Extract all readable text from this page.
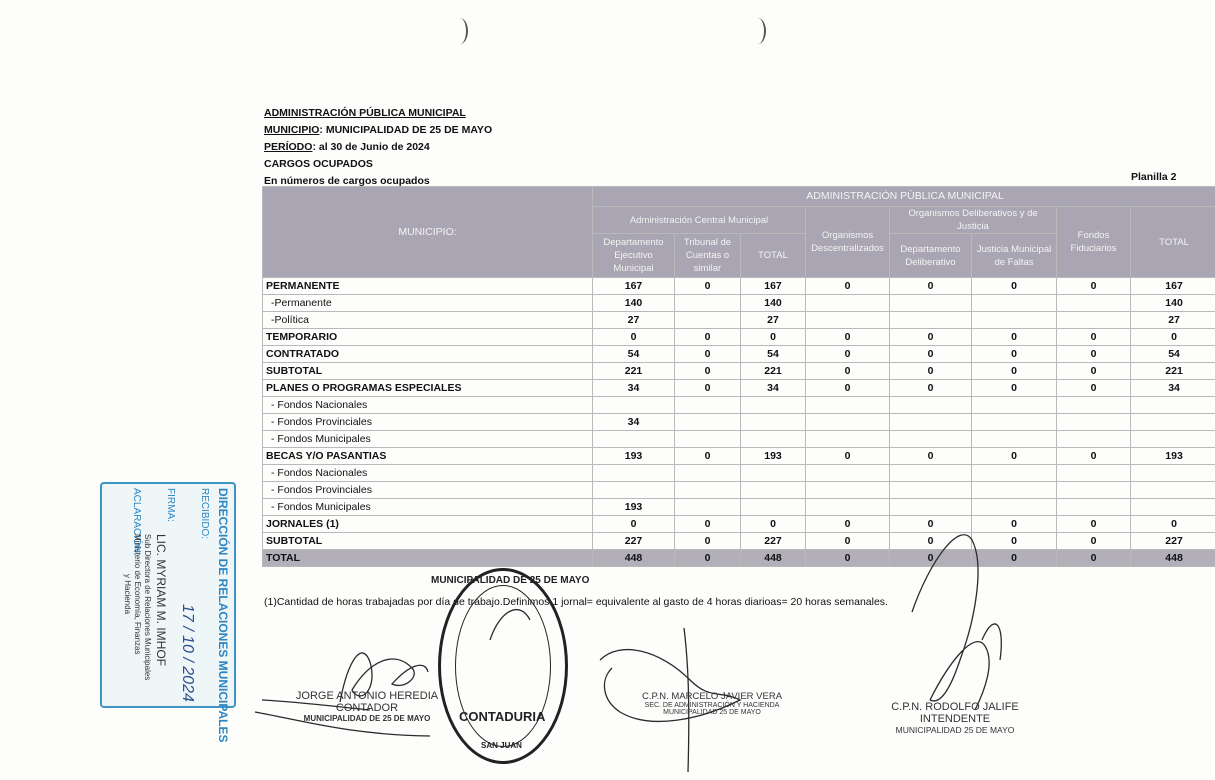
ADMINISTRACIÓN PÚBLICA MUNICIPAL
MUNICIPIO: MUNICIPALIDAD DE 25 DE MAYO
PERÍODO: al 30 de Junio de 2024
CARGOS OCUPADOS
En números de cargos ocupados	Planilla 2
MUNICIPIO:	ADMINISTRACIÓN PÚBLICA MUNICIPAL							
	Administración Central Municipal			Organismos Descentralizados	Organismos Deliberativos y de Justicia		Fondos Fiduciarios	TOTAL

	Departamento Ejecutivo Municipal	Tribunal de Cuentas o similar	TOTAL		Departamento Deliberativo	Justicia Municipal de Faltas		
PERMANENTE	167	0	167	0	0	0	0	167
-Permanente	140		140					140
-Política	27		27					27
TEMPORARIO	0	0	0	0	0	0	0	0
CONTRATADO	54	0	54	0	0	0	0	54
SUBTOTAL	221	0	221	0	0	0	0	221
PLANES O PROGRAMAS ESPECIALES	34	0	34	0	0	0	0	34
- Fondos Nacionales								
- Fondos Provinciales	34							
- Fondos Municipales								
BECAS Y/O PASANTIAS	193	0	193	0	0	0	0	193
- Fondos Nacionales								
- Fondos Provinciales								
- Fondos Municipales	193							
JORNALES (1)	0	0	0	0	0	0	0	0
SUBTOTAL	227	0	227	0	0	0	0	227
TOTAL	448	0	448	0	0	0	0	448
(1)Cantidad de horas trabajadas por día de trabajo.Definimos 1 jornal= equivalente al gasto de 4 horas diarioas= 20 horas semanales.
DIRECCIÓN DE RELACIONES MUNICIPALES
RECIBIDO:
17 / 10 / 2024
FIRMA:
ACLARACIÓN:
LIC. MYRIAM M. IMHOF
Sub Directora de Relaciones Municipales
Ministerio de Economía, Finanzas
y Hacienda	MUNICIPALIDAD DE 25 DE MAYO
CONTADURIA
SAN JUAN
JORGE ANTONIO HEREDIA
CONTADOR
MUNICIPALIDAD DE 25 DE MAYO
C.P.N. MARCELO JAVIER VERA
SEC. DE ADMINISTRACIÓN Y HACIENDA
MUNICIPALIDAD 25 DE MAYO	C.P.N. RODOLFO JALIFE
INTENDENTE
MUNICIPALIDAD 25 DE MAYO
